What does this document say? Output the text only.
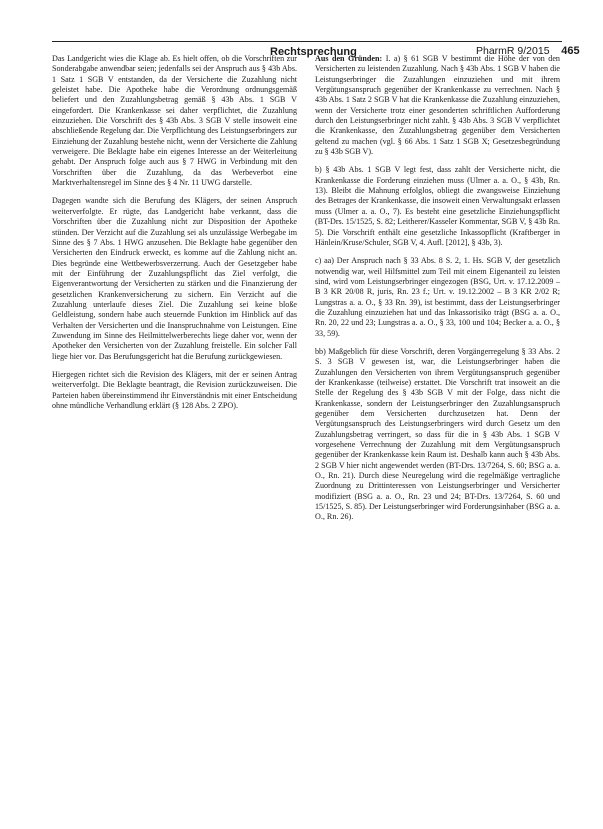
Rechtsprechung	PharmR 9/2015 465

Das Landgericht wies die Klage ab. Es hielt offen, ob die Vorschriften zur Sonderabgabe anwendbar seien; jedenfalls sei der Anspruch aus § 43b Abs. 1 Satz 1 SGB V entstanden, da der Versicherte die Zuzahlung nicht geleistet habe. Die Apotheke habe die Verordnung ordnungsgemäß beliefert und den Zuzahlungsbetrag gemäß § 43b Abs. 1 SGB V eingefordert. Die Krankenkasse sei daher verpflichtet, die Zuzahlung einzuziehen. Die Vorschrift des § 43b Abs. 3 SGB V stelle insoweit eine abschließende Regelung dar. Die Verpflichtung des Leistungserbringers zur Einziehung der Zuzahlung bestehe nicht, wenn der Versicherte die Zahlung verweigere. Die Beklagte habe ein eigenes Interesse an der Weiterleitung gehabt. Der Anspruch folge auch aus § 7 HWG in Verbindung mit den Vorschriften über die Zuzahlung, da das Werbeverbot eine Marktverhaltensregel im Sinne des § 4 Nr. 11 UWG darstelle.

Dagegen wandte sich die Berufung des Klägers, der seinen Anspruch weiterverfolgte. Er rügte, das Landgericht habe verkannt, dass die Vorschriften über die Zuzahlung nicht zur Disposition der Apotheke stünden. Der Verzicht auf die Zuzahlung sei als unzulässige Werbegabe im Sinne des § 7 Abs. 1 HWG anzusehen. Die Beklagte habe gegenüber den Versicherten den Eindruck erweckt, es komme auf die Zahlung nicht an. Dies begründe eine Wettbewerbsverzerrung. Auch der Gesetzgeber habe mit der Einführung der Zuzahlungspflicht das Ziel verfolgt, die Eigenverantwortung der Versicherten zu stärken und die Finanzierung der gesetzlichen Krankenversicherung zu sichern. Ein Verzicht auf die Zuzahlung unterlaufe dieses Ziel. Die Zuzahlung sei keine bloße Geldleistung, sondern habe auch steuernde Funktion im Hinblick auf das Verhalten der Versicherten und die Inanspruchnahme von Leistungen. Eine Zuwendung im Sinne des Heilmittelwerberechts liege daher vor, wenn der Apotheker den Versicherten von der Zuzahlung freistelle. Ein solcher Fall liege hier vor. Das Berufungsgericht hat die Berufung zurückgewiesen.

Hiergegen richtet sich die Revision des Klägers, mit der er seinen Antrag weiterverfolgt. Die Beklagte beantragt, die Revision zurückzuweisen. Die Parteien haben übereinstimmend ihr Einverständnis mit einer Entscheidung ohne mündliche Verhandlung erklärt (§ 128 Abs. 2 ZPO).

Aus den Gründen: I. a) § 61 SGB V bestimmt die Höhe der von den Versicherten zu leistenden Zuzahlung. Nach § 43b Abs. 1 SGB V haben die Leistungserbringer die Zuzahlungen einzuziehen und mit ihrem Vergütungsanspruch gegenüber der Krankenkasse zu verrechnen. Nach § 43b Abs. 1 Satz 2 SGB V hat die Krankenkasse die Zuzahlung einzuziehen, wenn der Versicherte trotz einer gesonderten schriftlichen Aufforderung durch den Leistungserbringer nicht zahlt. § 43b Abs. 3 SGB V verpflichtet die Krankenkasse, den Zuzahlungsbetrag gegenüber dem Versicherten geltend zu machen (vgl. § 66 Abs. 1 Satz 1 SGB X; Gesetzesbegründung zu § 43b SGB V).

b) § 43b Abs. 1 SGB V legt fest, dass zahlt der Versicherte nicht, die Krankenkasse die Forderung einziehen muss (Ulmer a. a. O., § 43b, Rn. 13). Bleibt die Mahnung erfolglos, obliegt die zwangsweise Einziehung des Betrages der Krankenkasse, die insoweit einen Verwaltungsakt erlassen muss (Ulmer a. a. O., 7). Es besteht eine gesetzliche Einziehungspflicht (BT-Drs. 15/1525, S. 82; Leitherer/Kasseler Kommentar, SGB V, § 43b Rn. 5). Die Vorschrift enthält eine gesetzliche Inkassopflicht (Kraftberger in Hänlein/Kruse/Schuler, SGB V, 4. Aufl. [2012], § 43b, 3).

c) aa) Der Anspruch nach § 33 Abs. 8 S. 2, 1. Hs. SGB V, der gesetzlich notwendig war, weil Hilfsmittel zum Teil mit einem Eigenanteil zu leisten sind, wird vom Leistungserbringer eingezogen (BSG, Urt. v. 17.12.2009 – B 3 KR 20/08 R, juris, Rn. 23 f.; Urt. v. 19.12.2002 – B 3 KR 2/02 R; Lungstras a. a. O., § 33 Rn. 39), ist bestimmt, dass der Leistungserbringer die Zuzahlung einzuziehen hat und das Inkassorisiko trägt (BSG a. a. O., Rn. 20, 22 und 23; Lungstras a. a. O., § 33, 100 und 104; Becker a. a. O., § 33, 59).

bb) Maßgeblich für diese Vorschrift, deren Vorgängerregelung § 33 Abs. 2 S. 3 SGB V gewesen ist, war, die Leistungserbringer haben die Zuzahlungen den Versicherten von ihrem Vergütungsanspruch gegenüber der Krankenkasse (teilweise) erstattet. Die Vorschrift trat insoweit an die Stelle der Regelung des § 43b SGB V mit der Folge, dass nicht die Krankenkasse, sondern der Leistungserbringer den Zuzahlungsanspruch gegenüber dem Versicherten durchzusetzen hat. Denn der Vergütungsanspruch des Leistungserbringers wird durch Gesetz um den Zuzahlungsbetrag verringert, so dass für die in § 43b Abs. 1 SGB V vorgesehene Verrechnung der Zuzahlung mit dem Vergütungsanspruch gegenüber der Krankenkasse kein Raum ist. Deshalb kann auch § 43b Abs. 2 SGB V hier nicht angewendet werden (BT-Drs. 13/7264, S. 60; BSG a. a. O., Rn. 21). Durch diese Neuregelung wird die regelmäßige vertragliche Zuordnung zu Drittinteressen von Leistungserbringer und Versicherter modifiziert (BSG a. a. O., Rn. 23 und 24; BT-Drs. 13/7264, S. 60 und 15/1525, S. 85). Der Leistungserbringer wird Forderungsinhaber (BSG a. a. O., Rn. 26).
